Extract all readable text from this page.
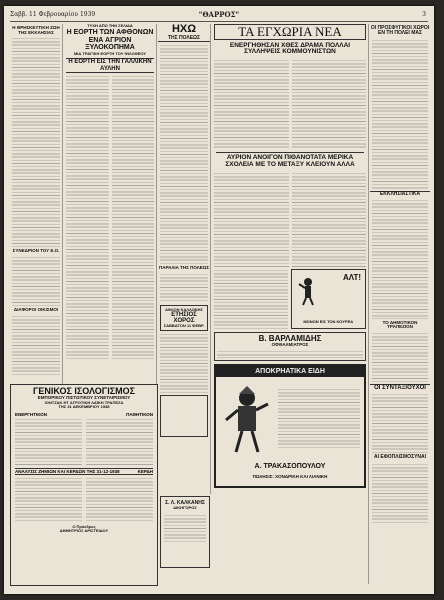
Σαββ. 11 Φεβρουαρίου 1939	"ΘΑΡΡΟΣ"	3
Η ΘΡΗΣΚΕΥΤΙΚΗ ΖΩΗ ΤΗΣ ΕΚΚΛΗΣΙΑΣ
ΣΥΝΕΔΡΙΟΝ ΤΟΥ Ε.Ο.
ΔΙΑΦΟΡΟΙ ΟΙΚΙΣΜΟΙ
ΤΥΧΗ ΑΠΟ ΤΗΝ ΣΕΛΙΔΑ
Η ΕΟΡΤΗ ΤΩΝ ΑΦΘΟΝΩΝ ΕΝΑ ΑΓΡΙΟΝ ΞΥΛΟΚΟΠΗΜΑ
ΜΙΑ ΤΡΑΓΙΚΗ ΕΟΡΤΗ ΤΟΥ ΦΙΛΟΘΕΟΥ
Η ΕΟΡΤΗ ΕΙΣ ΤΗΝ ΓΑΛΛΙΚΗΝ ΑΥΛΗΝ
ΗΧΩ
ΤΗΣ ΠΟΛΕΩΣ
ΠΑΡΑΛΙΑ ΤΗΣ ΠΟΛΕΩΣ
ΑΘΛΟΝ ΚΑΛΛΟΝΗΣ
ΕΤΗΣΙΟΣ ΧΟΡΟΣ
ΣΑΒΒΑΤΟΝ 11 ΦΕΒΡ.
ΤΑ ΕΓΧΩΡΙΑ ΝΕΑ
ΕΝΕΡΓΗΘΗΣΑΝ ΧΘΕΣ ΔΡΑΜΑ ΠΟΛΛΑΙ ΣΥΛΛΗΨΕΙΣ ΚΟΜΜΟΥΝΙΣΤΩΝ
ΑΥΡΙΟΝ ΑΝΟΙΓΟΝ ΠΙΘΑΝΟΤΑΤΑ ΜΕΡΙΚΑ ΣΧΟΛΕΙΑ ΜΕ ΤΟ ΜΕΤΑΞΥ ΚΛΕΙΟΥΝ ΑΛΛΑ
ΑΛΤ!
ΜΟΝΟΝ ΕΙΣ ΤΟΝ ΚΟΥΡΕΑ
Β. ΒΑΡΛΑΜΙΔΗΣ
ΟΦΘΑΛΜΙΑΤΡΟΣ
ΑΠΟΚΡΗΑΤΙΚΑ ΕΙΔΗ
Α. ΤΡΑΚΑΣΟΠΟΥΛΟΥ
ΠΩΛΗΣΙΣ: ΧΟΝΔΡΙΚΗ ΚΑΙ ΛΙΑΝΙΚΗ
ΟΙ ΠΡΟΣΦΥΓΙΚΟΙ ΧΩΡΟΙ ΕΝ ΤΗ ΠΟΛΕΙ ΜΑΣ
ΕΚΚΛΗΣΙΑΣΤΙΚΑ
ΤΟ ΔΗΜΟΤΙΚΟΝ ΤΡΑΠΕΖΙΟΝ
ΟΙ ΣΥΝΤΑΞΙΟΥΧΟΙ
ΑΙ ΕΦΟΠΛΙΣΜΟΣΥΝΑΙ
ΓΕΝΙΚΟΣ ΙΣΟΛΟΓΙΣΜΟΣ
ΕΜΠΟΡΙΚΟΥ ΠΙΣΤΩΤΙΚΟΥ ΣΥΝΕΤΑΙΡΙΣΜΟΥ
ΙΟΝΤΖΑΚ ΗΤ ΑΓΡΟΤΙΚΗ ΛΑΪΚΗ ΤΡΑΠΕΖΑ
ΤΗΣ 31 ΔΕΚΕΜΒΡΙΟΥ 1938
ΕΝΕΡΓΗΤΙΚΟΝ	ΠΑΘΗΤΙΚΟΝ
ΑΝΑΛΥΣΙΣ ΖΗΜΙΩΝ ΚΑΙ ΚΕΡΔΩΝ ΤΗΣ 31-12-1938	ΚΕΡΔΗ
Ο Πρόεδρος
ΔΗΜΗΤΡΙΟΣ ΑΡΙΣΤΕΙΔΟΥ
Σ. Λ. ΚΑΛΚΑΝΗΣ
ΔΙΚΗΓΟΡΟΣ
